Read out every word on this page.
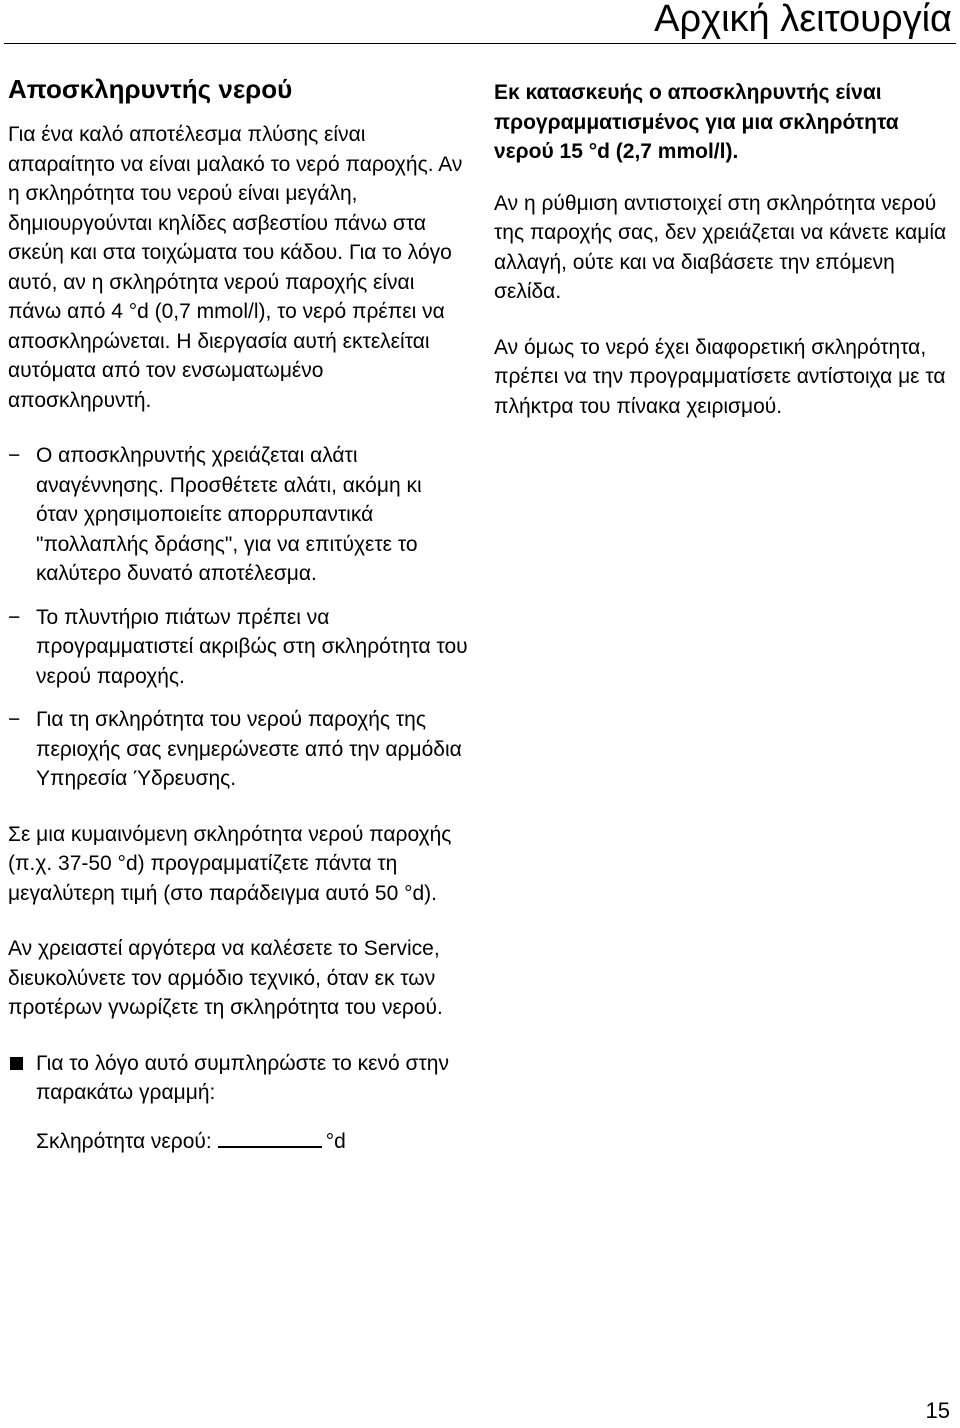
Αρχική λειτουργία
Αποσκληρυντής νερού

Για ένα καλό αποτέλεσμα πλύσης είναι απαραίτητο να είναι μαλακό το νερό παροχής. Αν η σκληρότητα του νερού είναι μεγάλη, δημιουργούνται κηλίδες ασβεστίου πάνω στα σκεύη και στα τοιχώματα του κάδου. Για το λόγο αυτό, αν η σκληρότητα νερού παροχής είναι πάνω από 4 °d (0,7 mmol/l), το νερό πρέπει να αποσκληρώνεται. Η διεργασία αυτή εκτελείται αυτόματα από τον ενσωματωμένο αποσκληρυντή.

− Ο αποσκληρυντής χρειάζεται αλάτι αναγέννησης. Προσθέτετε αλάτι, ακόμη κι όταν χρησιμοποιείτε απορρυπαντικά "πολλαπλής δράσης", για να επιτύχετε το καλύτερο δυνατό αποτέλεσμα.
− Το πλυντήριο πιάτων πρέπει να προγραμματιστεί ακριβώς στη σκληρότητα του νερού παροχής.
− Για τη σκληρότητα του νερού παροχής της περιοχής σας ενημερώνεστε από την αρμόδια Υπηρεσία Ύδρευσης.

Σε μια κυμαινόμενη σκληρότητα νερού παροχής (π.χ. 37-50 °d) προγραμματίζετε πάντα τη μεγαλύτερη τιμή (στο παράδειγμα αυτό 50 °d).

Αν χρειαστεί αργότερα να καλέσετε το Service, διευκολύνετε τον αρμόδιο τεχνικό, όταν εκ των προτέρων γνωρίζετε τη σκληρότητα του νερού.

Για το λόγο αυτό συμπληρώστε το κενό στην παρακάτω γραμμή:
Σκληρότητα νερού:	°d

Εκ κατασκευής ο αποσκληρυντής είναι προγραμματισμένος για μια σκληρότητα νερού 15 °d (2,7 mmol/l).

Αν η ρύθμιση αντιστοιχεί στη σκληρότητα νερού της παροχής σας, δεν χρειάζεται να κάνετε καμία αλλαγή, ούτε και να διαβάσετε την επόμενη σελίδα.

Αν όμως το νερό έχει διαφορετική σκληρότητα, πρέπει να την προγραμματίσετε αντίστοιχα με τα πλήκτρα του πίνακα χειρισμού.

15
